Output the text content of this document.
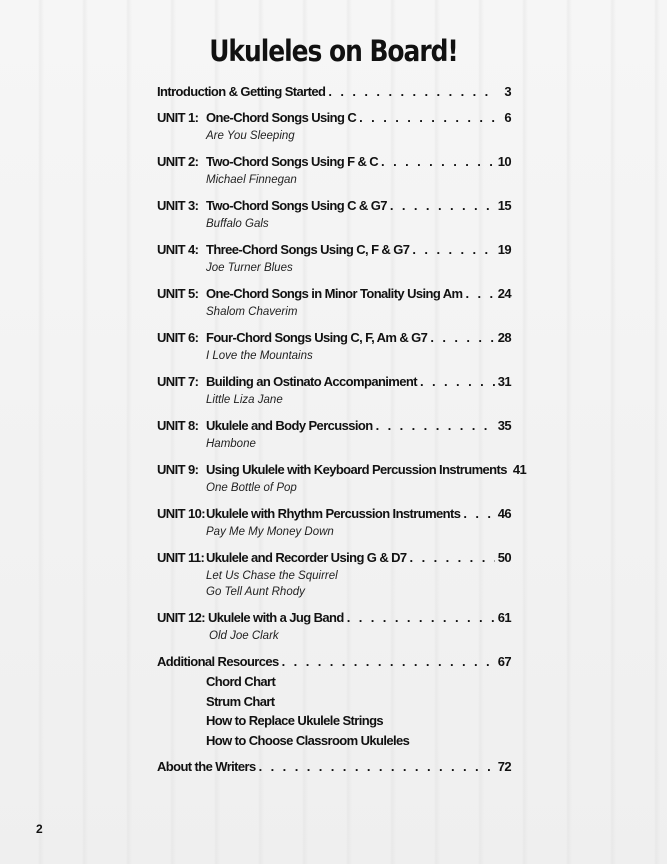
Ukuleles on Board!
Introduction & Getting Started . . .	3
UNIT 1: One-Chord Songs Using C . . .	6
Are You Sleeping
UNIT 2: Two-Chord Songs Using F & C . . .	10
Michael Finnegan
UNIT 3: Two-Chord Songs Using C & G7 . . .	15
Buffalo Gals
UNIT 4: Three-Chord Songs Using C, F & G7 . . .	19
Joe Turner Blues
UNIT 5: One-Chord Songs in Minor Tonality Using Am . . .	24
Shalom Chaverim
UNIT 6: Four-Chord Songs Using C, F, Am & G7 . . .	28
I Love the Mountains
UNIT 7: Building an Ostinato Accompaniment . . .	31
Little Liza Jane
UNIT 8: Ukulele and Body Percussion . . .	35
Hambone
UNIT 9: Using Ukulele with Keyboard Percussion Instruments 41
One Bottle of Pop
UNIT 10: Ukulele with Rhythm Percussion Instruments . . .	46
Pay Me My Money Down
UNIT 11: Ukulele and Recorder Using G & D7 . . .	50
Let Us Chase the Squirrel
Go Tell Aunt Rhody
UNIT 12: Ukulele with a Jug Band . . .	61
Old Joe Clark
Additional Resources . . .	67
Chord Chart
Strum Chart
How to Replace Ukulele Strings
How to Choose Classroom Ukuleles
About the Writers . . .	72
2
